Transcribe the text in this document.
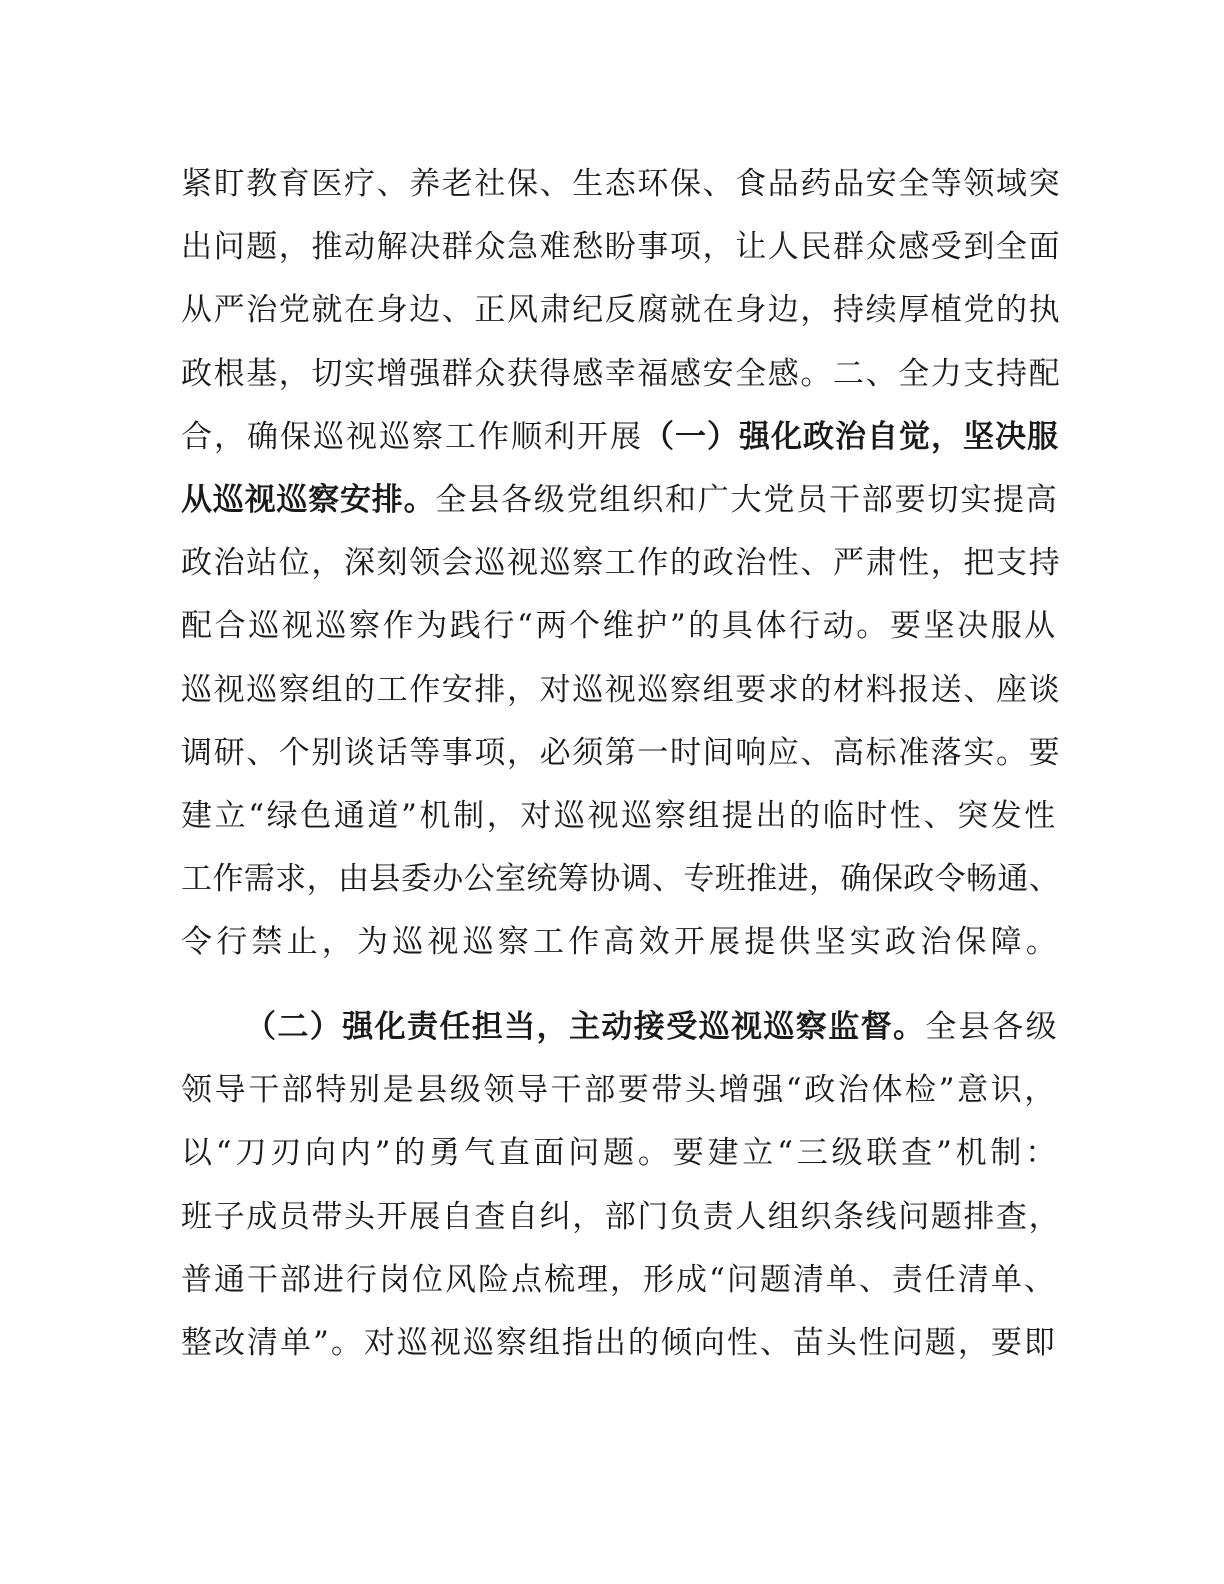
紧盯教育医疗、养老社保、生态环保、食品药品安全等领域突
出问题，推动解决群众急难愁盼事项，让人民群众感受到全面
从严治党就在身边、正风肃纪反腐就在身边，持续厚植党的执
政根基，切实增强群众获得感幸福感安全感。二、全力支持配
合，确保巡视巡察工作顺利开展（一）强化政治自觉，坚决服
从巡视巡察安排。全县各级党组织和广大党员干部要切实提高
政治站位，深刻领会巡视巡察工作的政治性、严肃性，把支持
配合巡视巡察作为践行“两个维护”的具体行动。要坚决服从
巡视巡察组的工作安排，对巡视巡察组要求的材料报送、座谈
调研、个别谈话等事项，必须第一时间响应、高标准落实。要
建立“绿色通道”机制，对巡视巡察组提出的临时性、突发性
工作需求，由县委办公室统筹协调、专班推进，确保政令畅通、
令行禁止，为巡视巡察工作高效开展提供坚实政治保障。
（二）强化责任担当，主动接受巡视巡察监督。全县各级
领导干部特别是县级领导干部要带头增强“政治体检”意识，
以“刀刃向内”的勇气直面问题。要建立“三级联查”机制：
班子成员带头开展自查自纠，部门负责人组织条线问题排查，
普通干部进行岗位风险点梳理，形成“问题清单、责任清单、
整改清单”。对巡视巡察组指出的倾向性、苗头性问题，要即
